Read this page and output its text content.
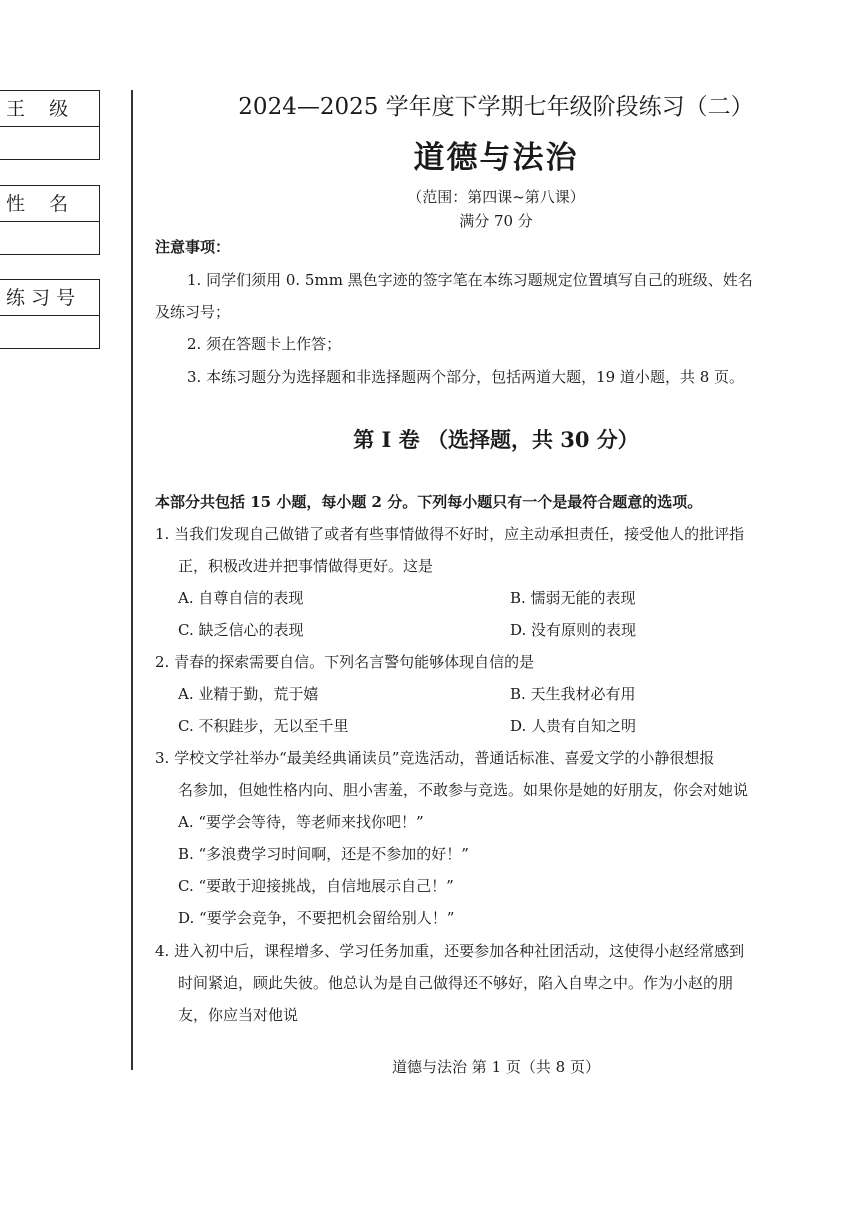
王    级
性    名
练 习 号
2024—2025 学年度下学期七年级阶段练习（二）
道德与法治
（范围：第四课~第八课）
满分 70 分
注意事项：
1. 同学们须用 0. 5mm 黑色字迹的签字笔在本练习题规定位置填写自己的班级、姓名
及练习号；
2. 须在答题卡上作答；
3. 本练习题分为选择题和非选择题两个部分，包括两道大题，19 道小题，共 8 页。
第 I 卷 （选择题，共 30 分）
本部分共包括 15 小题，每小题 2 分。下列每小题只有一个是最符合题意的选项。
1. 当我们发现自己做错了或者有些事情做得不好时，应主动承担责任，接受他人的批评指
正，积极改进并把事情做得更好。这是
A. 自尊自信的表现	B. 懦弱无能的表现
C. 缺乏信心的表现	D. 没有原则的表现
2. 青春的探索需要自信。下列名言警句能够体现自信的是
A. 业精于勤，荒于嬉	B. 天生我材必有用
C. 不积跬步，无以至千里	D. 人贵有自知之明
3. 学校文学社举办“最美经典诵读员”竞选活动，普通话标准、喜爱文学的小静很想报
名参加，但她性格内向、胆小害羞，不敢参与竞选。如果你是她的好朋友，你会对她说
A. “要学会等待，等老师来找你吧！”
B. “多浪费学习时间啊，还是不参加的好！”
C. “要敢于迎接挑战，自信地展示自己！”
D. “要学会竞争，不要把机会留给别人！”
4. 进入初中后，课程增多、学习任务加重，还要参加各种社团活动，这使得小赵经常感到
时间紧迫，顾此失彼。他总认为是自己做得还不够好，陷入自卑之中。作为小赵的朋
友，你应当对他说
道德与法治 第 1 页（共 8 页）
